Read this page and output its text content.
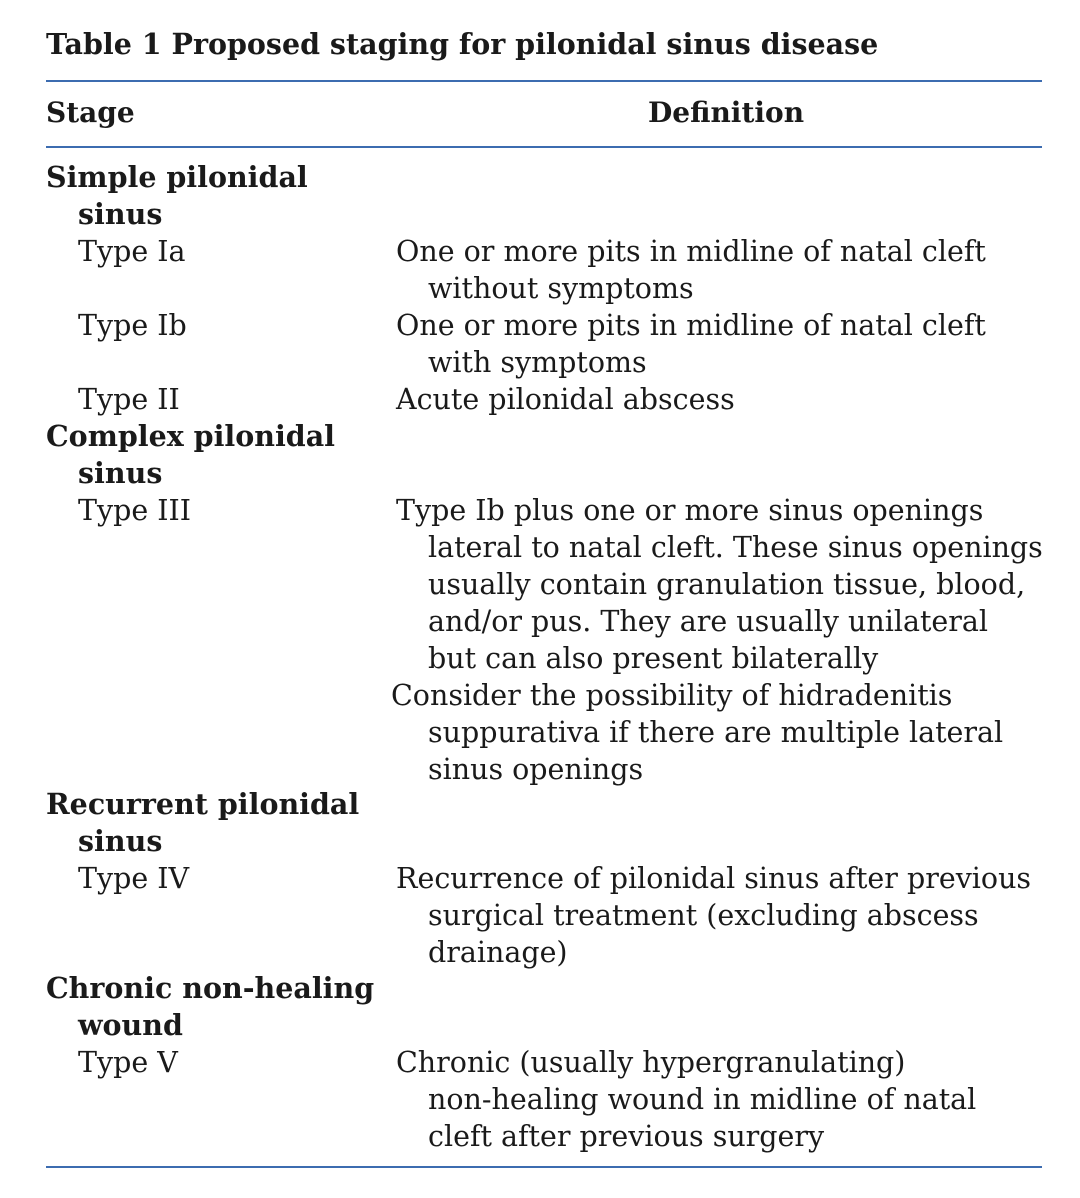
Table 1 Proposed staging for pilonidal sinus disease
Stage	Definition
Simple pilonidal
sinus
Type Ia	One or more pits in midline of natal cleft
without symptoms
Type Ib	One or more pits in midline of natal cleft
with symptoms
Type II	Acute pilonidal abscess
Complex pilonidal
sinus
Type III	Type Ib plus one or more sinus openings
lateral to natal cleft. These sinus openings
usually contain granulation tissue, blood,
and/or pus. They are usually unilateral
but can also present bilaterally
Consider the possibility of hidradenitis
suppurativa if there are multiple lateral
sinus openings
Recurrent pilonidal
sinus
Type IV	Recurrence of pilonidal sinus after previous
surgical treatment (excluding abscess
drainage)
Chronic non-healing
wound
Type V	Chronic (usually hypergranulating)
non-healing wound in midline of natal
cleft after previous surgery
